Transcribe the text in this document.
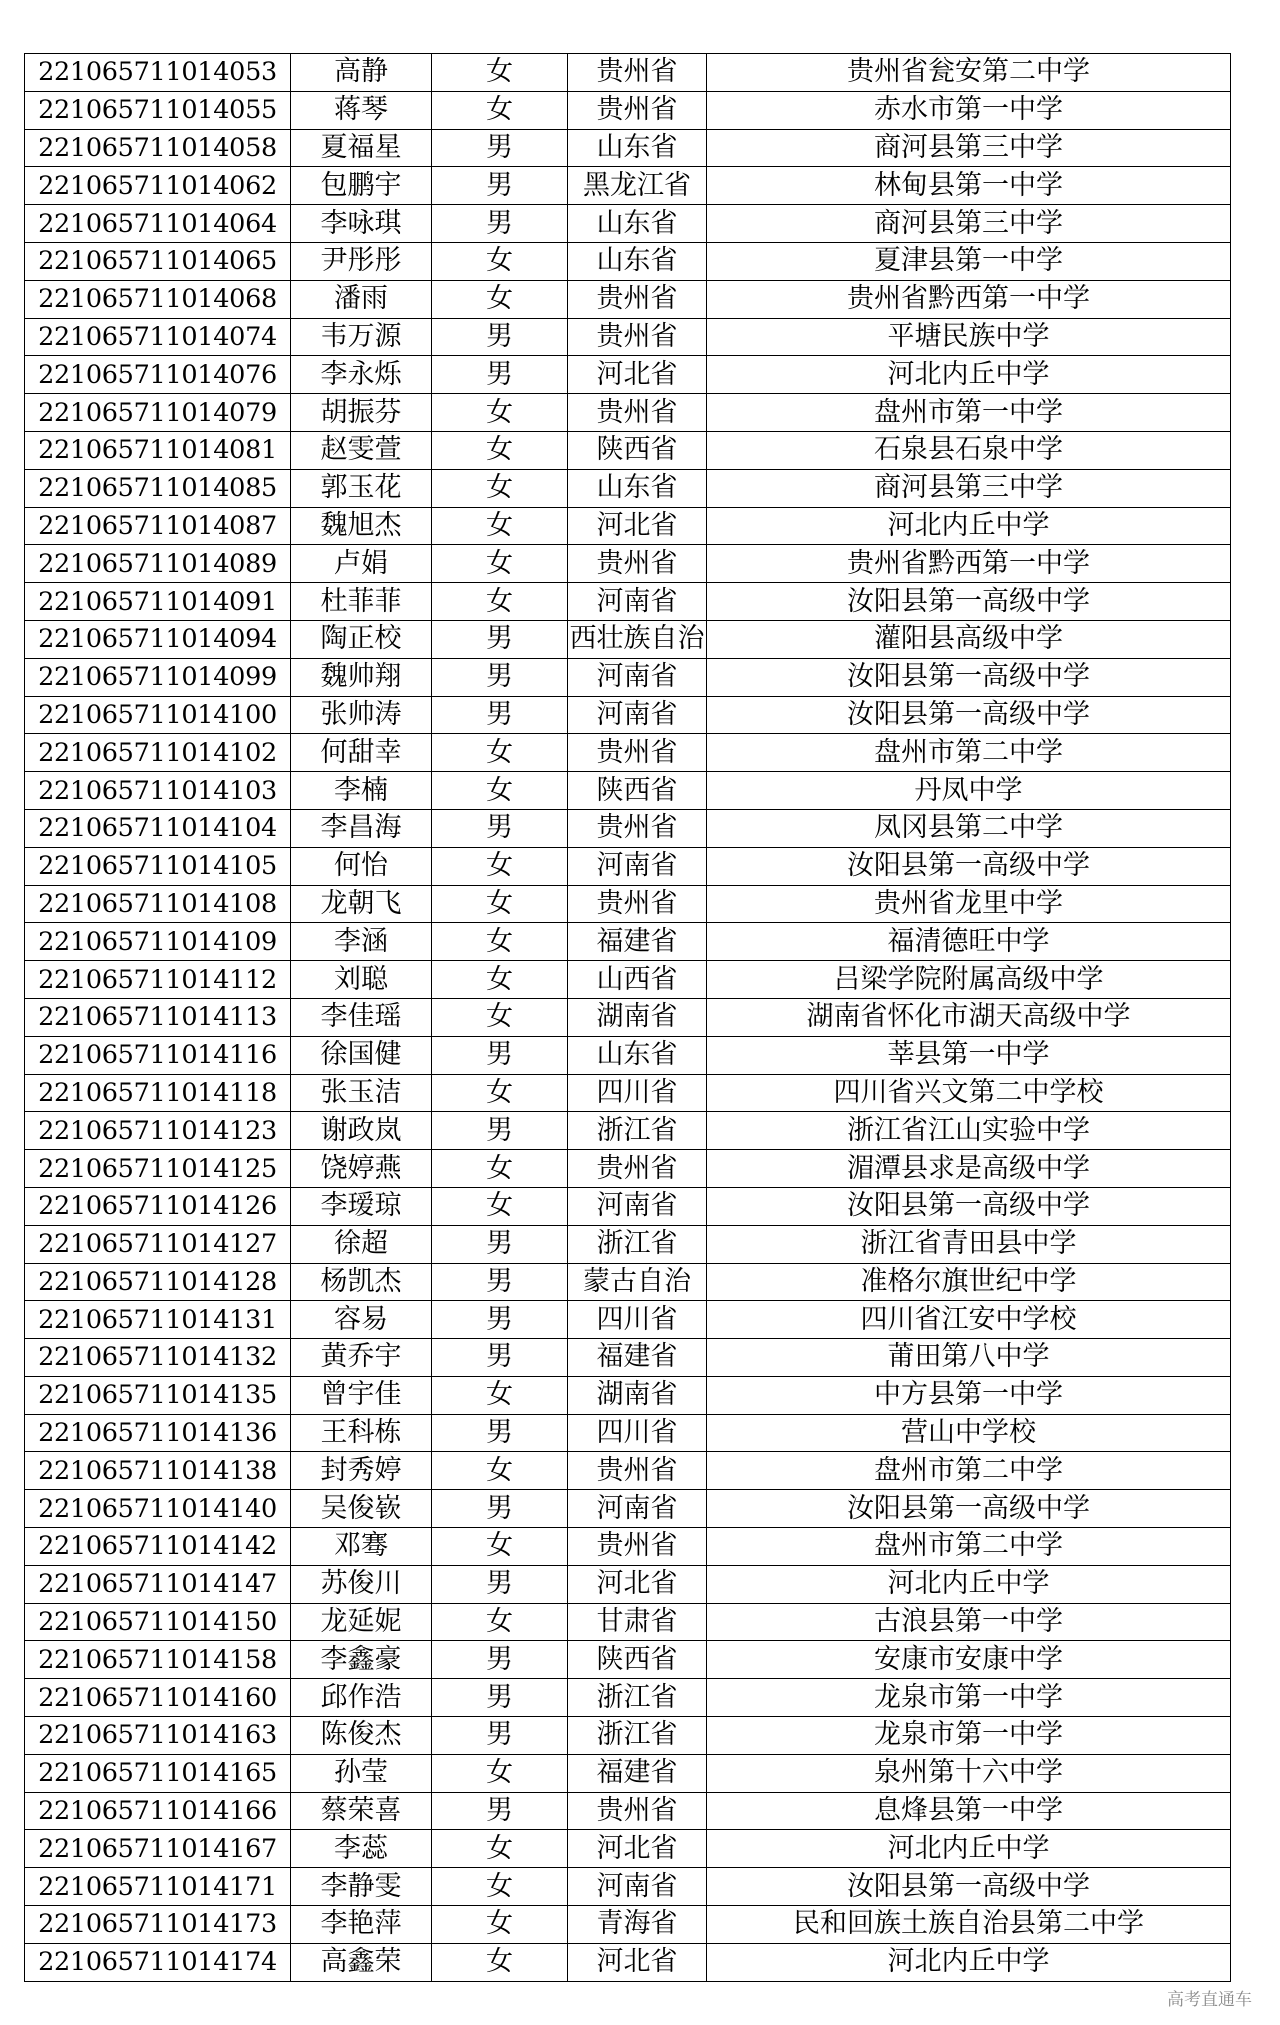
221065711014053	高静	女	贵州省	贵州省瓮安第二中学
221065711014055	蒋琴	女	贵州省	赤水市第一中学
221065711014058	夏福星	男	山东省	商河县第三中学
221065711014062	包鹏宇	男	黑龙江省	林甸县第一中学
221065711014064	李咏琪	男	山东省	商河县第三中学
221065711014065	尹彤彤	女	山东省	夏津县第一中学
221065711014068	潘雨	女	贵州省	贵州省黔西第一中学
221065711014074	韦万源	男	贵州省	平塘民族中学
221065711014076	李永烁	男	河北省	河北内丘中学
221065711014079	胡振芬	女	贵州省	盘州市第一中学
221065711014081	赵雯萱	女	陕西省	石泉县石泉中学
221065711014085	郭玉花	女	山东省	商河县第三中学
221065711014087	魏旭杰	女	河北省	河北内丘中学
221065711014089	卢娟	女	贵州省	贵州省黔西第一中学
221065711014091	杜菲菲	女	河南省	汝阳县第一高级中学
221065711014094	陶正校	男	西壮族自治	灌阳县高级中学
221065711014099	魏帅翔	男	河南省	汝阳县第一高级中学
221065711014100	张帅涛	男	河南省	汝阳县第一高级中学
221065711014102	何甜幸	女	贵州省	盘州市第二中学
221065711014103	李楠	女	陕西省	丹凤中学
221065711014104	李昌海	男	贵州省	凤冈县第二中学
221065711014105	何怡	女	河南省	汝阳县第一高级中学
221065711014108	龙朝飞	女	贵州省	贵州省龙里中学
221065711014109	李涵	女	福建省	福清德旺中学
221065711014112	刘聪	女	山西省	吕梁学院附属高级中学
221065711014113	李佳瑶	女	湖南省	湖南省怀化市湖天高级中学
221065711014116	徐国健	男	山东省	莘县第一中学
221065711014118	张玉洁	女	四川省	四川省兴文第二中学校
221065711014123	谢政岚	男	浙江省	浙江省江山实验中学
221065711014125	饶婷燕	女	贵州省	湄潭县求是高级中学
221065711014126	李瑷琼	女	河南省	汝阳县第一高级中学
221065711014127	徐超	男	浙江省	浙江省青田县中学
221065711014128	杨凯杰	男	蒙古自治	准格尔旗世纪中学
221065711014131	容易	男	四川省	四川省江安中学校
221065711014132	黄乔宇	男	福建省	莆田第八中学
221065711014135	曾宇佳	女	湖南省	中方县第一中学
221065711014136	王科栋	男	四川省	营山中学校
221065711014138	封秀婷	女	贵州省	盘州市第二中学
221065711014140	吴俊嵚	男	河南省	汝阳县第一高级中学
221065711014142	邓骞	女	贵州省	盘州市第二中学
221065711014147	苏俊川	男	河北省	河北内丘中学
221065711014150	龙延妮	女	甘肃省	古浪县第一中学
221065711014158	李鑫豪	男	陕西省	安康市安康中学
221065711014160	邱作浩	男	浙江省	龙泉市第一中学
221065711014163	陈俊杰	男	浙江省	龙泉市第一中学
221065711014165	孙莹	女	福建省	泉州第十六中学
221065711014166	蔡荣喜	男	贵州省	息烽县第一中学
221065711014167	李蕊	女	河北省	河北内丘中学
221065711014171	李静雯	女	河南省	汝阳县第一高级中学
221065711014173	李艳萍	女	青海省	民和回族土族自治县第二中学
221065711014174	高鑫荣	女	河北省	河北内丘中学
高考直通车
